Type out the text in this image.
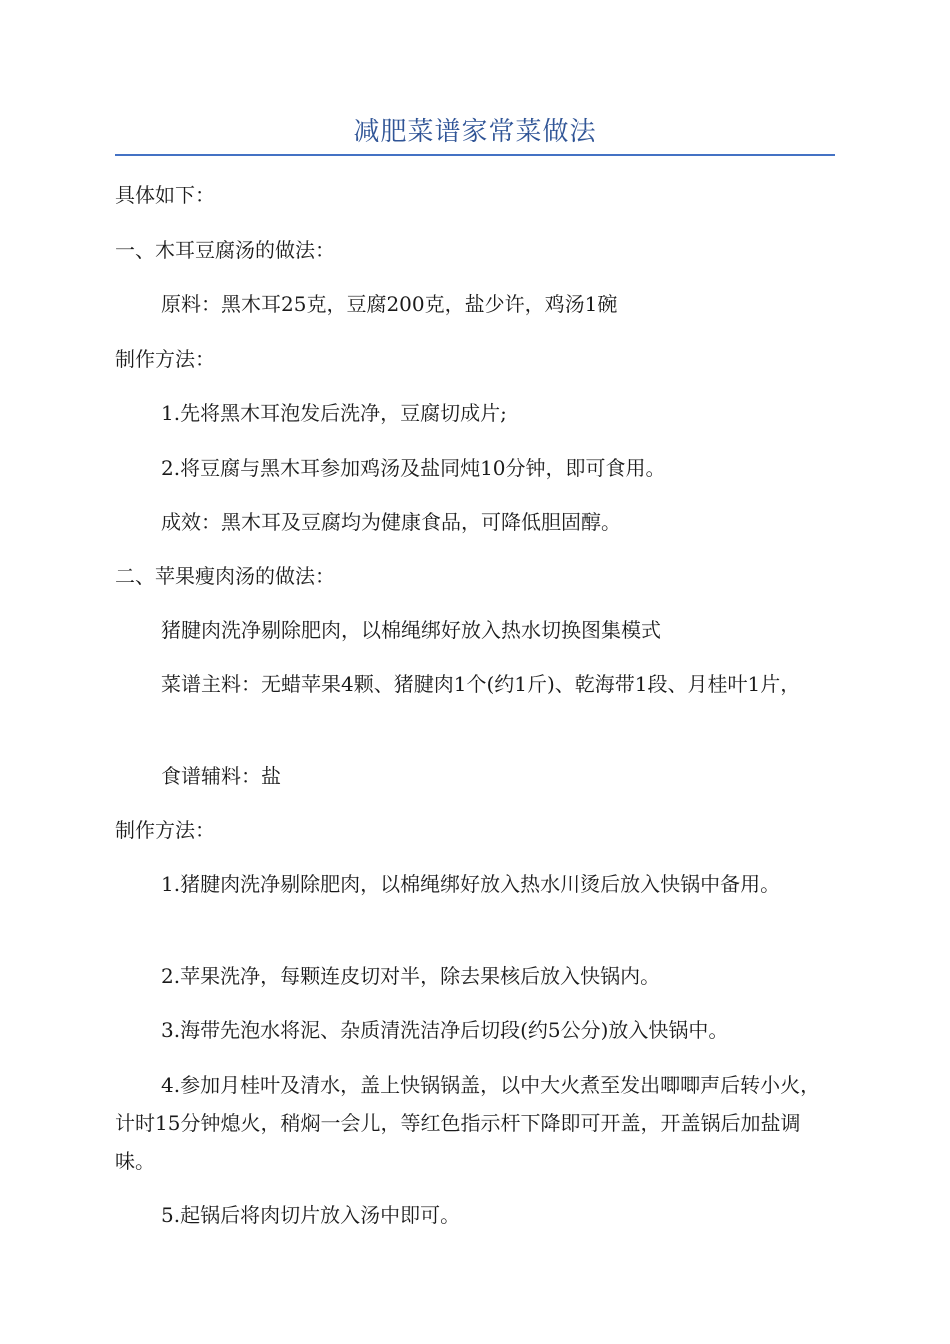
减肥菜谱家常菜做法

具体如下：

一、木耳豆腐汤的做法：

原料：黑木耳25克，豆腐200克，盐少许，鸡汤1碗

制作方法：

1.先将黑木耳泡发后洗净，豆腐切成片;

2.将豆腐与黑木耳参加鸡汤及盐同炖10分钟，即可食用。

成效：黑木耳及豆腐均为健康食品，可降低胆固醇。

二、苹果瘦肉汤的做法：

猪腱肉洗净剔除肥肉，以棉绳绑好放入热水切换图集模式

菜谱主料：无蜡苹果4颗、猪腱肉1个(约1斤)、乾海带1段、月桂叶1片，

食谱辅料：盐

制作方法：

1.猪腱肉洗净剔除肥肉，以棉绳绑好放入热水川烫后放入快锅中备用。

2.苹果洗净，每颗连皮切对半，除去果核后放入快锅内。

3.海带先泡水将泥、杂质清洗洁净后切段(约5公分)放入快锅中。

4.参加月桂叶及清水，盖上快锅锅盖，以中大火煮至发出唧唧声后转小火，计时15分钟熄火，稍焖一会儿，等红色指示杆下降即可开盖，开盖锅后加盐调味。

5.起锅后将肉切片放入汤中即可。
